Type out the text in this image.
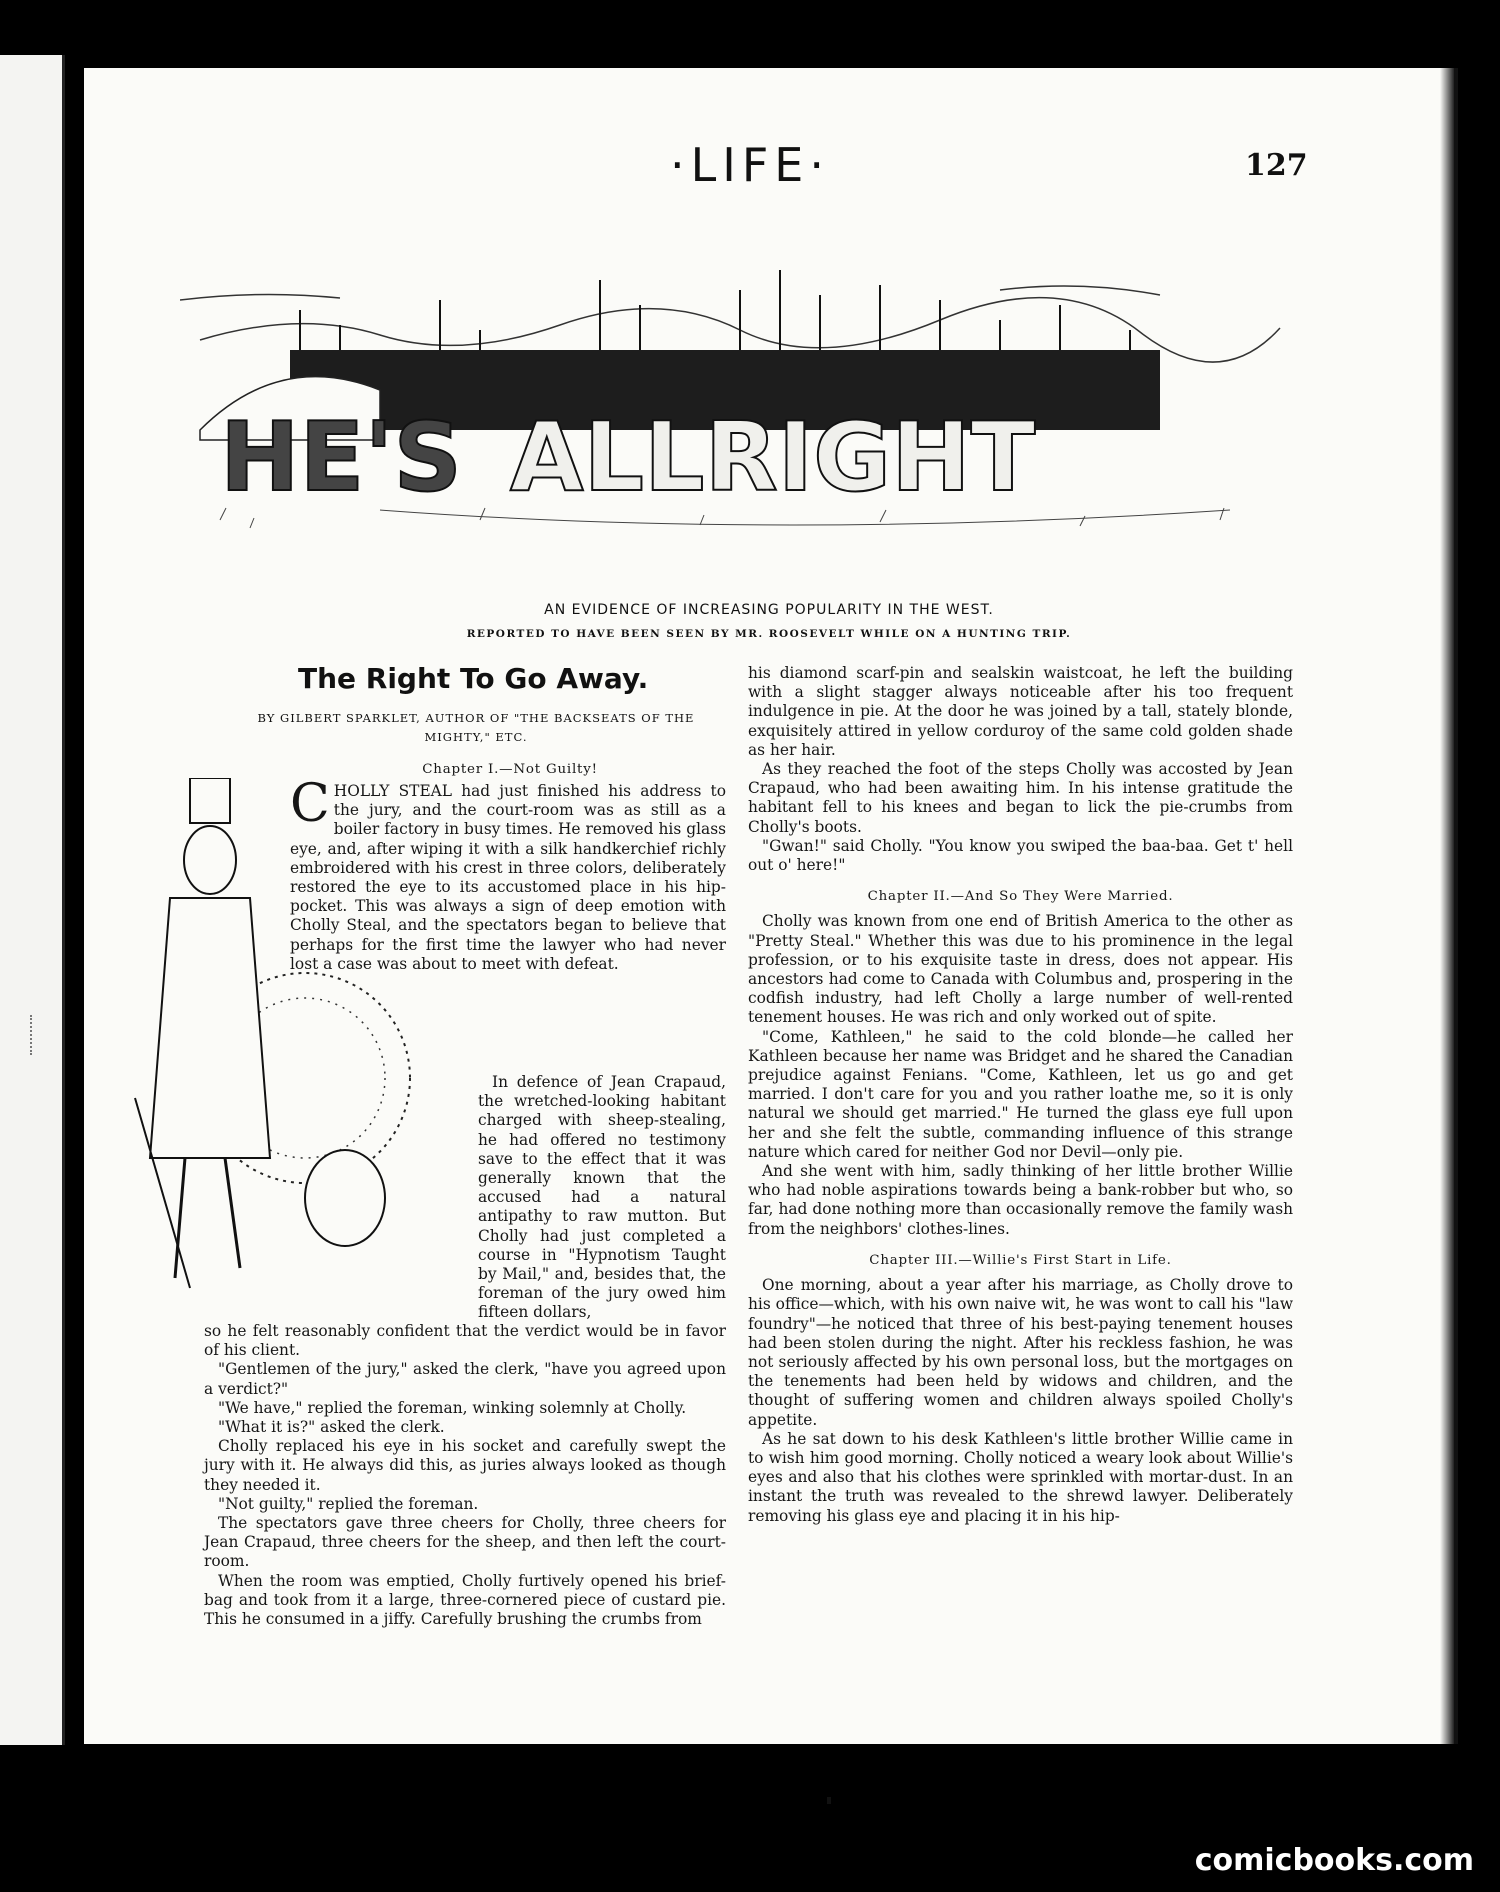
·LIFE·	127
HE'S ALLRIGHT
AN EVIDENCE OF INCREASING POPULARITY IN THE WEST.
REPORTED TO HAVE BEEN SEEN BY MR. ROOSEVELT WHILE ON A HUNTING TRIP.
The Right To Go Away.
BY GILBERT SPARKLET, AUTHOR OF "THE BACKSEATS OF THE MIGHTY," ETC.

Chapter I.—Not Guilty!

C HOLLY STEAL had just finished his address to the jury, and the court-room was as still as a boiler factory in busy times. He removed his glass eye, and, after wiping it with a silk handkerchief richly embroidered with his crest in three colors, deliberately restored the eye to its accustomed place in his hip-pocket. This was always a sign of deep emotion with Cholly Steal, and the spectators began to believe that perhaps for the first time the lawyer who had never lost a case was about to meet with defeat.

In defence of Jean Crapaud, the wretched-looking habitant charged with sheep-stealing, he had offered no testimony save to the effect that it was generally known that the accused had a natural antipathy to raw mutton. But Cholly had just completed a course in "Hypnotism Taught by Mail," and, besides that, the foreman of the jury owed him fifteen dollars,

so he felt reasonably confident that the verdict would be in favor of his client.

"Gentlemen of the jury," asked the clerk, "have you agreed upon a verdict?"

"We have," replied the foreman, winking solemnly at Cholly.

"What it is?" asked the clerk.

Cholly replaced his eye in his socket and carefully swept the jury with it. He always did this, as juries always looked as though they needed it.

"Not guilty," replied the foreman.

The spectators gave three cheers for Cholly, three cheers for Jean Crapaud, three cheers for the sheep, and then left the court-room.

When the room was emptied, Cholly furtively opened his brief-bag and took from it a large, three-cornered piece of custard pie. This he consumed in a jiffy. Carefully brushing the crumbs from

his diamond scarf-pin and sealskin waistcoat, he left the building with a slight stagger always noticeable after his too frequent indulgence in pie. At the door he was joined by a tall, stately blonde, exquisitely attired in yellow corduroy of the same cold golden shade as her hair.

As they reached the foot of the steps Cholly was accosted by Jean Crapaud, who had been awaiting him. In his intense gratitude the habitant fell to his knees and began to lick the pie-crumbs from Cholly's boots.

"Gwan!" said Cholly. "You know you swiped the baa-baa. Get t' hell out o' here!"

Chapter II.—And So They Were Married.

Cholly was known from one end of British America to the other as "Pretty Steal." Whether this was due to his prominence in the legal profession, or to his exquisite taste in dress, does not appear. His ancestors had come to Canada with Columbus and, prospering in the codfish industry, had left Cholly a large number of well-rented tenement houses. He was rich and only worked out of spite.

"Come, Kathleen," he said to the cold blonde—he called her Kathleen because her name was Bridget and he shared the Canadian prejudice against Fenians. "Come, Kathleen, let us go and get married. I don't care for you and you rather loathe me, so it is only natural we should get married." He turned the glass eye full upon her and she felt the subtle, commanding influence of this strange nature which cared for neither God nor Devil—only pie.

And she went with him, sadly thinking of her little brother Willie who had noble aspirations towards being a bank-robber but who, so far, had done nothing more than occasionally remove the family wash from the neighbors' clothes-lines.

Chapter III.—Willie's First Start in Life.

One morning, about a year after his marriage, as Cholly drove to his office—which, with his own naive wit, he was wont to call his "law foundry"—he noticed that three of his best-paying tenement houses had been stolen during the night. After his reckless fashion, he was not seriously affected by his own personal loss, but the mortgages on the tenements had been held by widows and children, and the thought of suffering women and children always spoiled Cholly's appetite.

As he sat down to his desk Kathleen's little brother Willie came in to wish him good morning. Cholly noticed a weary look about Willie's eyes and also that his clothes were sprinkled with mortar-dust. In an instant the truth was revealed to the shrewd lawyer. Deliberately removing his glass eye and placing it in his hip-

comicbooks.com
